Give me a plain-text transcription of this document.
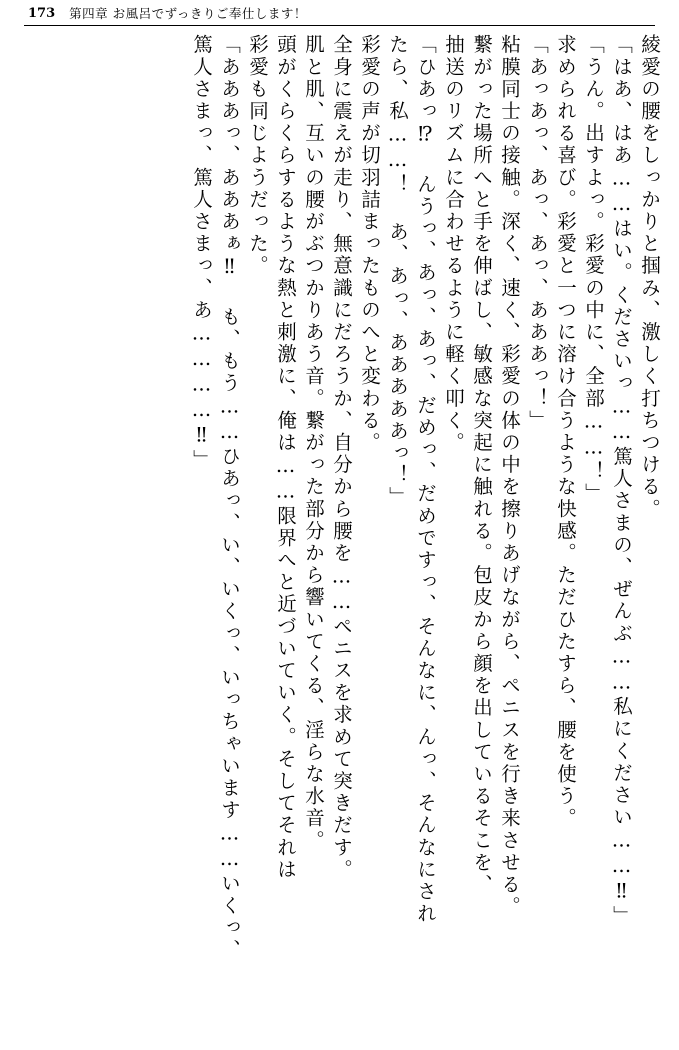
173 第四章 お風呂でずっきりご奉仕します！
綾愛の腰をしっかりと掴み、激しく打ちつける。
「はあ、はあ……はい。くださいっ……篤人さまの、ぜんぶ……私にください……‼」
「うん。出すよっ。彩愛の中に、全部……！」
求められる喜び。彩愛と一つに溶け合うような快感。ただひたすら、腰を使う。
「あっあっ、あっ、あっ、あああっ！」
粘膜同士の接触。深く、速く、彩愛の体の中を擦りあげながら、ペニスを行き来させる。
繋がった場所へと手を伸ばし、敏感な突起に触れる。包皮から顔を出しているそこを、
抽送のリズムに合わせるように軽く叩く。
「ひあっ⁉ んうっ、あっ、あっ、だめっ、だめですっ、そんなに、んっ、そんなにされ
たら、私……！ あ、あっ、あああああっ！」
彩愛の声が切羽詰まったものへと変わる。
全身に震えが走り、無意識にだろうか、自分から腰を……ペニスを求めて突きだす。
肌と肌、互いの腰がぶつかりあう音。繋がった部分から響いてくる、淫らな水音。
頭がくらくらするような熱と刺激に、俺は……限界へと近づいていく。そしてそれは
彩愛も同じようだった。
「あああっ、あああぁ‼ も、もう……ひあっ、い、いくっ、いっちゃいます……いくっ、
篤人さまっ、篤人さまっ、あ…………‼」
